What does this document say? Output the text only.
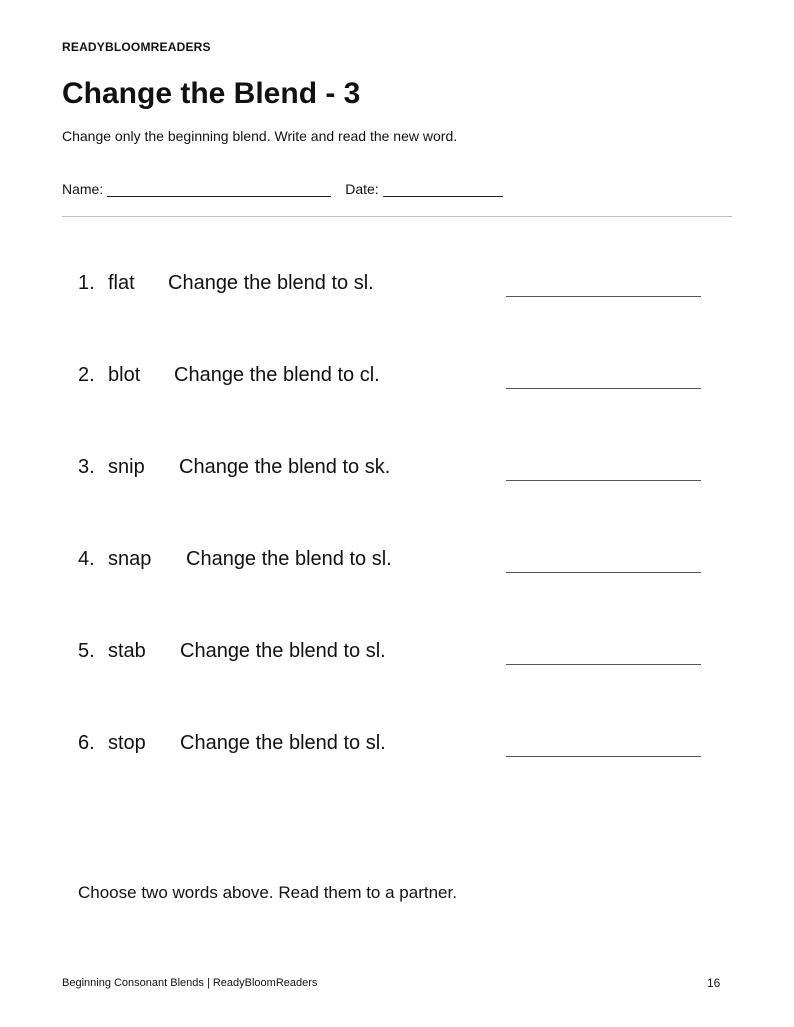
READYBLOOMREADERS
Change the Blend - 3
Change only the beginning blend. Write and read the new word.
Name:	Date:
1. flat Change the blend to sl.
2. blot Change the blend to cl.
3. snip Change the blend to sk.
4. snap Change the blend to sl.
5. stab Change the blend to sl.
6. stop Change the blend to sl.
Choose two words above. Read them to a partner.
Beginning Consonant Blends | ReadyBloomReaders	16
